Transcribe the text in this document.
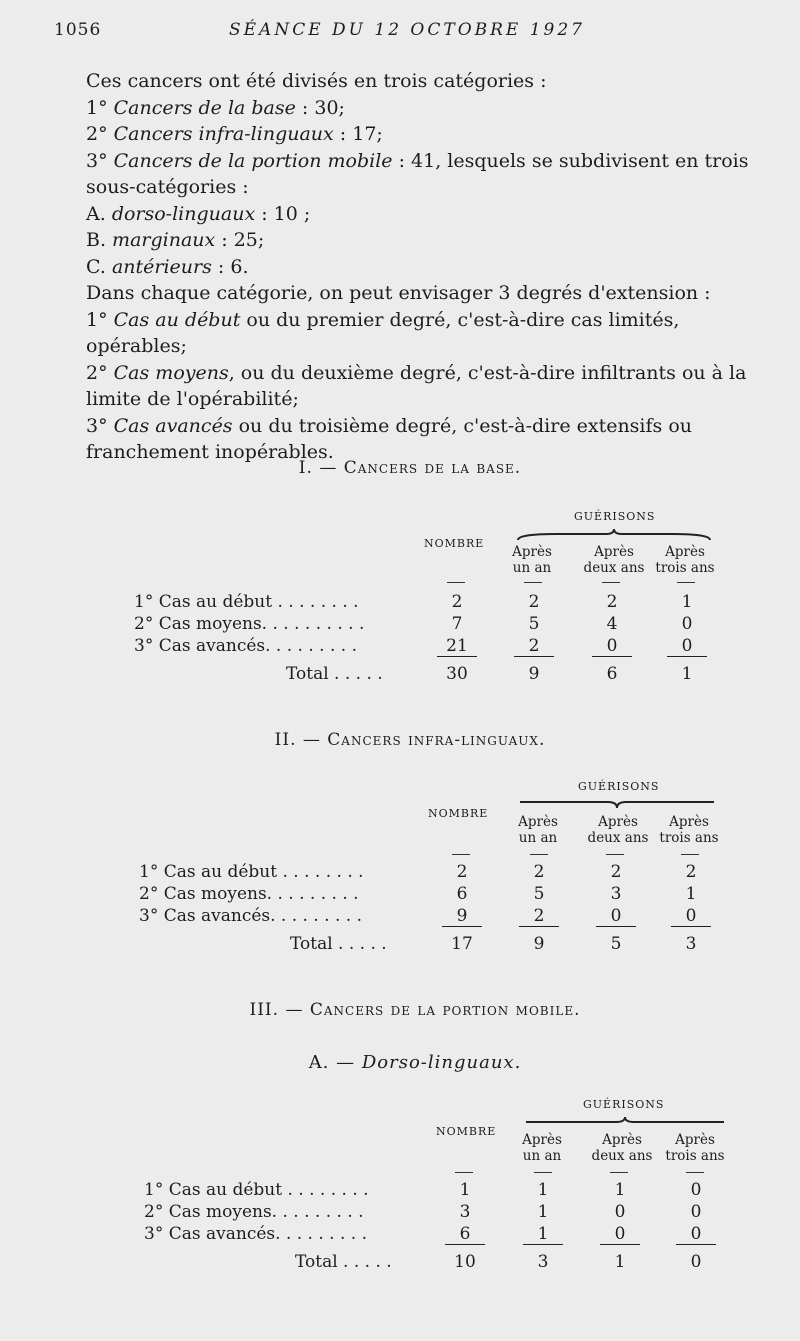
1056	SÉANCE DU 12 OCTOBRE 1927

Ces cancers ont été divisés en trois catégories :

1° Cancers de la base : 30;

2° Cancers infra-linguaux : 17;

3° Cancers de la portion mobile : 41, lesquels se subdivisent en trois sous-catégories :

A. dorso-linguaux : 10 ;

B. marginaux : 25;

C. antérieurs : 6.

Dans chaque catégorie, on peut envisager 3 degrés d'extension :

1° Cas au début ou du premier degré, c'est-à-dire cas limités, opérables;

2° Cas moyens, ou du deuxième degré, c'est-à-dire infiltrants ou à la limite de l'opérabilité;

3° Cas avancés ou du troisième degré, c'est-à-dire extensifs ou franchement inopérables.

I. — Cancers de la base.
GUÉRISONS
NOMBRE
Après
un an
Après
deux ans
Après
trois ans
1° Cas au début . . . . . . . .	2	2	2	1
2° Cas moyens. . . . . . . . . .	7	5	4	0
3° Cas avancés. . . . . . . . .	21	2	0	0
Total . . . . .	30	9	6	1
II. — Cancers infra-linguaux.
GUÉRISONS
NOMBRE
Après
un an
Après
deux ans
Après
trois ans
1° Cas au début . . . . . . . .	2	2	2	2
2° Cas moyens. . . . . . . . .	6	5	3	1
3° Cas avancés. . . . . . . . .	9	2	0	0
Total . . . . .	17	9	5	3
III. — Cancers de la portion mobile.
A. — Dorso-linguaux.
GUÉRISONS
NOMBRE
Après
un an
Après
deux ans
Après
trois ans
1° Cas au début . . . . . . . .	1	1	1	0
2° Cas moyens. . . . . . . . .	3	1	0	0
3° Cas avancés. . . . . . . . .	6	1	0	0
Total . . . . .	10	3	1	0
